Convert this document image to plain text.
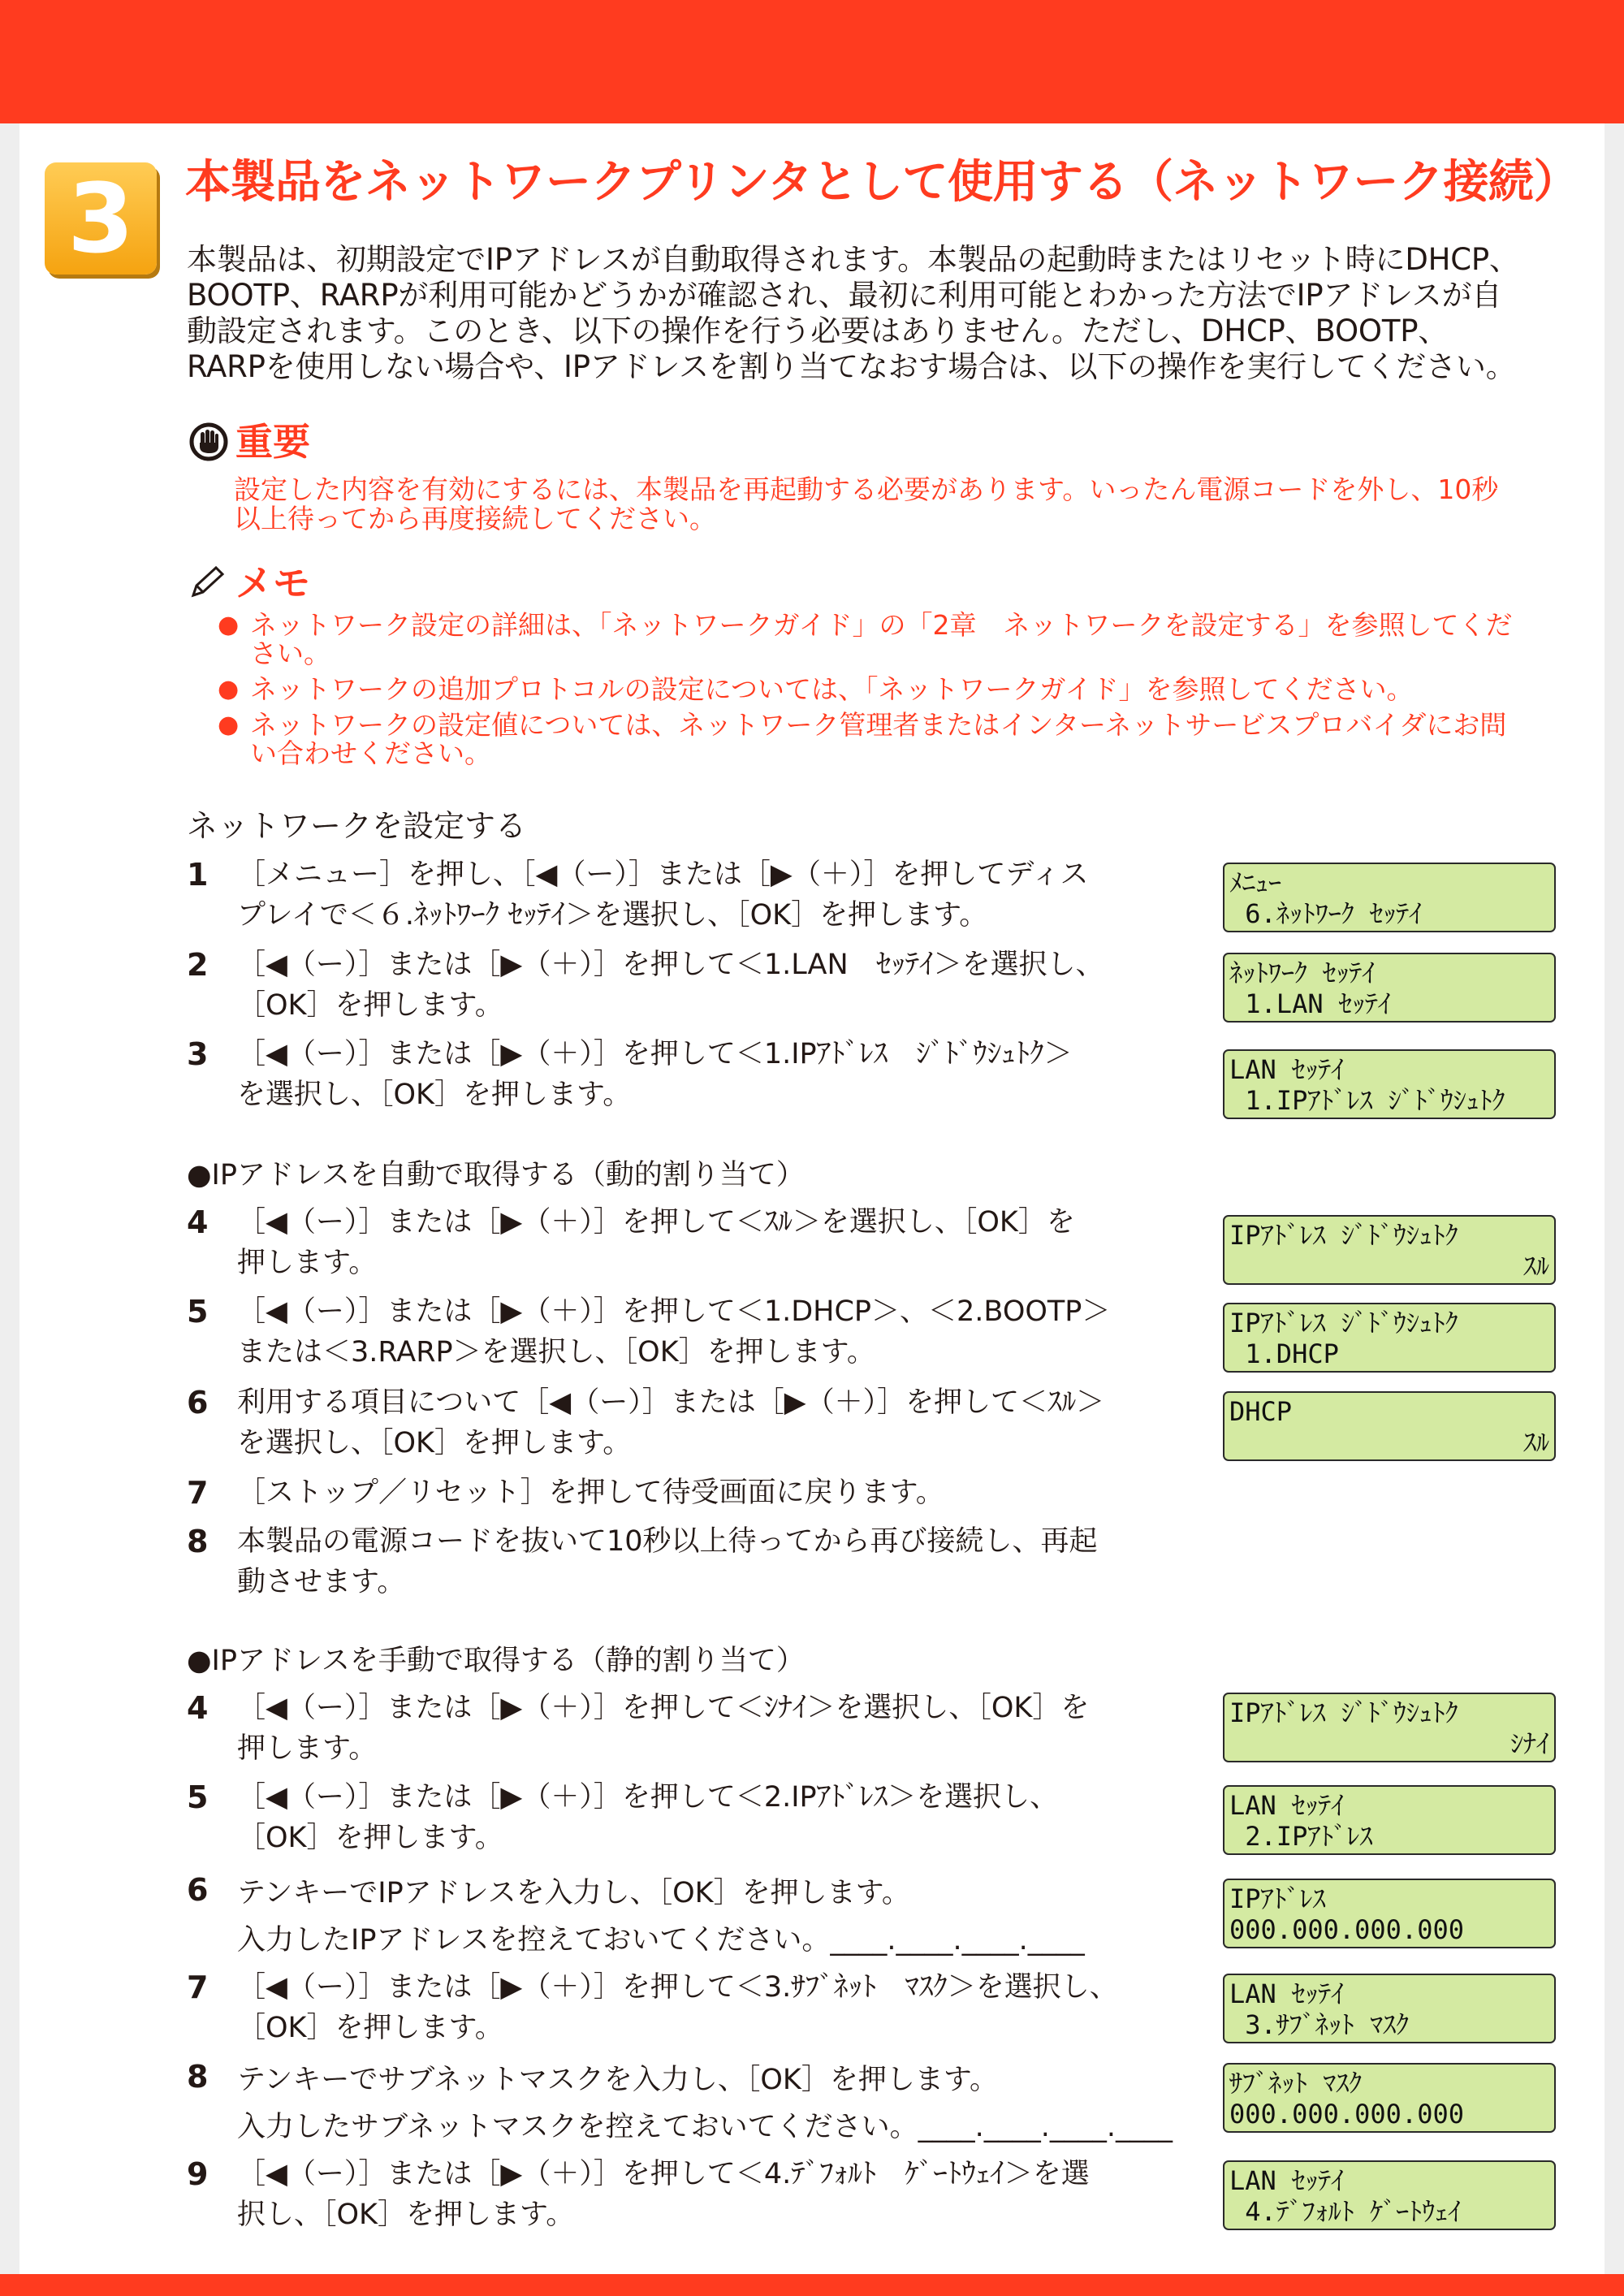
3	本製品をネットワークプリンタとして使用する（ネットワーク接続）
本製品は、初期設定でIPアドレスが自動取得されます。本製品の起動時またはリセット時にDHCP、
BOOTP、RARPが利用可能かどうかが確認され、最初に利用可能とわかった方法でIPアドレスが自
動設定されます。このとき、以下の操作を行う必要はありません。ただし、DHCP、BOOTP、
RARPを使用しない場合や、IPアドレスを割り当てなおす場合は、以下の操作を実行してください。
重要
設定した内容を有効にするには、本製品を再起動する必要があります。いったん電源コードを外し、10秒
以上待ってから再度接続してください。
メモ
● ネットワーク設定の詳細は、「ネットワークガイド」の「2章　ネットワークを設定する」を参照してくだ
さい。
● ネットワークの追加プロトコルの設定については、「ネットワークガイド」を参照してください。
● ネットワークの設定値については、ネットワーク管理者またはインターネットサービスプロバイダにお問
い合わせください。
ネットワークを設定する
1 ［メニュー］を押し、［◀（ー）］または［▶（＋）］を押してディス
プレイで＜６.ﾈｯﾄﾜｰｸ ｾｯﾃｲ＞を選択し、［OK］を押します。
2 ［◀（ー）］または［▶（＋）］を押して＜1.LAN　ｾｯﾃｲ＞を選択し、
［OK］を押します。
3 ［◀（ー）］または［▶（＋）］を押して＜1.IPｱﾄﾞﾚｽ　ｼﾞﾄﾞｳｼｭﾄｸ＞
を選択し、［OK］を押します。
●IPアドレスを自動で取得する（動的割り当て）
4 ［◀（ー）］または［▶（＋）］を押して＜ｽﾙ＞を選択し、［OK］を
押します。
5 ［◀（ー）］または［▶（＋）］を押して＜1.DHCP＞、＜2.BOOTP＞
または＜3.RARP＞を選択し、［OK］を押します。
6 利用する項目について［◀（ー）］または［▶（＋）］を押して＜ｽﾙ＞
を選択し、［OK］を押します。
7 ［ストップ／リセット］を押して待受画面に戻ります。
8 本製品の電源コードを抜いて10秒以上待ってから再び接続し、再起
動させます。
●IPアドレスを手動で取得する（静的割り当て）
4 ［◀（ー）］または［▶（＋）］を押して＜ｼﾅｲ＞を選択し、［OK］を
押します。
5 ［◀（ー）］または［▶（＋）］を押して＜2.IPｱﾄﾞﾚｽ＞を選択し、
［OK］を押します。
6 テンキーでIPアドレスを入力し、［OK］を押します。
入力したIPアドレスを控えておいてください。____.____.____.____
7 ［◀（ー）］または［▶（＋）］を押して＜3.ｻﾌﾞﾈｯﾄ　ﾏｽｸ＞を選択し、
［OK］を押します。
8 テンキーでサブネットマスクを入力し、［OK］を押します。
入力したサブネットマスクを控えておいてください。____.____.____.____
9 ［◀（ー）］または［▶（＋）］を押して＜4.ﾃﾞﾌｫﾙﾄ　ｹﾞｰﾄｳｪｲ＞を選
択し、［OK］を押します。
ﾒﾆｭｰ
6.ﾈｯﾄﾜｰｸ ｾｯﾃｲ
ﾈｯﾄﾜｰｸ ｾｯﾃｲ
1.LAN ｾｯﾃｲ
LAN ｾｯﾃｲ
1.IPｱﾄﾞﾚｽ ｼﾞﾄﾞｳｼｭﾄｸ
IPｱﾄﾞﾚｽ ｼﾞﾄﾞｳｼｭﾄｸ
ｽﾙ
IPｱﾄﾞﾚｽ ｼﾞﾄﾞｳｼｭﾄｸ
1.DHCP
DHCP
ｽﾙ
IPｱﾄﾞﾚｽ ｼﾞﾄﾞｳｼｭﾄｸ
ｼﾅｲ
LAN ｾｯﾃｲ
2.IPｱﾄﾞﾚｽ
IPｱﾄﾞﾚｽ
000.000.000.000
LAN ｾｯﾃｲ
3.ｻﾌﾞﾈｯﾄ ﾏｽｸ
ｻﾌﾞﾈｯﾄ ﾏｽｸ
000.000.000.000
LAN ｾｯﾃｲ
4.ﾃﾞﾌｫﾙﾄ ｹﾞｰﾄｳｪｲ
